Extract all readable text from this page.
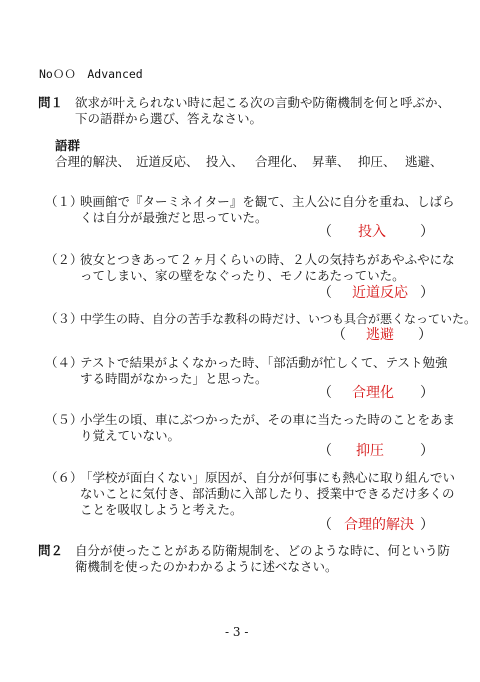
NoＯＯ　Advanced
問１ 欲求が叶えられない時に起こる次の言動や防衛機制を何と呼ぶか、
下の語群から選び、答えなさい。
語群
合理的解決、 近道反応、 投入、 合理化、 昇華、 抑圧、 逃避、
（１）
映画館で『ターミネイター』を観て、主人公に自分を重ね、しばら
くは自分が最強だと思っていた。
（ 投入 ）
（２）
彼女とつきあって２ヶ月くらいの時、２人の気持ちがあやふやにな
ってしまい、家の壁をなぐったり、モノにあたっていた。
（ 近道反応 ）
（３）
中学生の時、自分の苦手な教科の時だけ、いつも具合が悪くなっていた。
（ 逃避 ）
（４）
テストで結果がよくなかった時、「部活動が忙しくて、テスト勉強
する時間がなかった」と思った。
（ 合理化 ）
（５）
小学生の頃、車にぶつかったが、その車に当たった時のことをあま
り覚えていない。
（ 抑圧	）
（６）
「学校が面白くない」原因が、自分が何事にも熱心に取り組んでい
ないことに気付き、部活動に入部したり、授業中できるだけ多くの
ことを吸収しようと考えた。
（ 合理的解決 ）
問２ 自分が使ったことがある防衛規制を、どのような時に、何という防
衛機制を使ったのかわかるように述べなさい。
- 3 -
